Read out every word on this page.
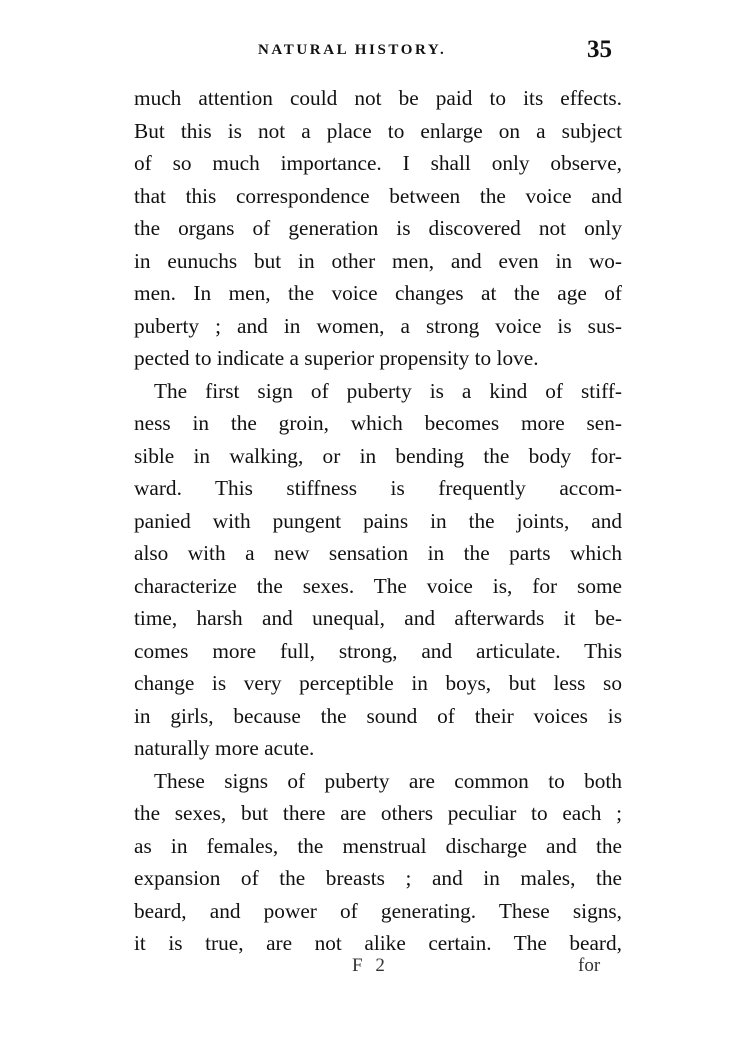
NATURAL HISTORY.	35
much attention could not be paid to its effects.
But this is not a place to enlarge on a subject
of so much importance. I shall only observe,
that this correspondence between the voice and
the organs of generation is discovered not only
in eunuchs but in other men, and even in wo-
men. In men, the voice changes at the age of
puberty ; and in women, a strong voice is sus-
pected to indicate a superior propensity to love.
The first sign of puberty is a kind of stiff-
ness in the groin, which becomes more sen-
sible in walking, or in bending the body for-
ward. This stiffness is frequently accom-
panied with pungent pains in the joints, and
also with a new sensation in the parts which
characterize the sexes. The voice is, for some
time, harsh and unequal, and afterwards it be-
comes more full, strong, and articulate. This
change is very perceptible in boys, but less so
in girls, because the sound of their voices is
naturally more acute.
These signs of puberty are common to both
the sexes, but there are others peculiar to each ;
as in females, the menstrual discharge and the
expansion of the breasts ; and in males, the
beard, and power of generating. These signs,
it is true, are not alike certain. The beard,
F 2	for
